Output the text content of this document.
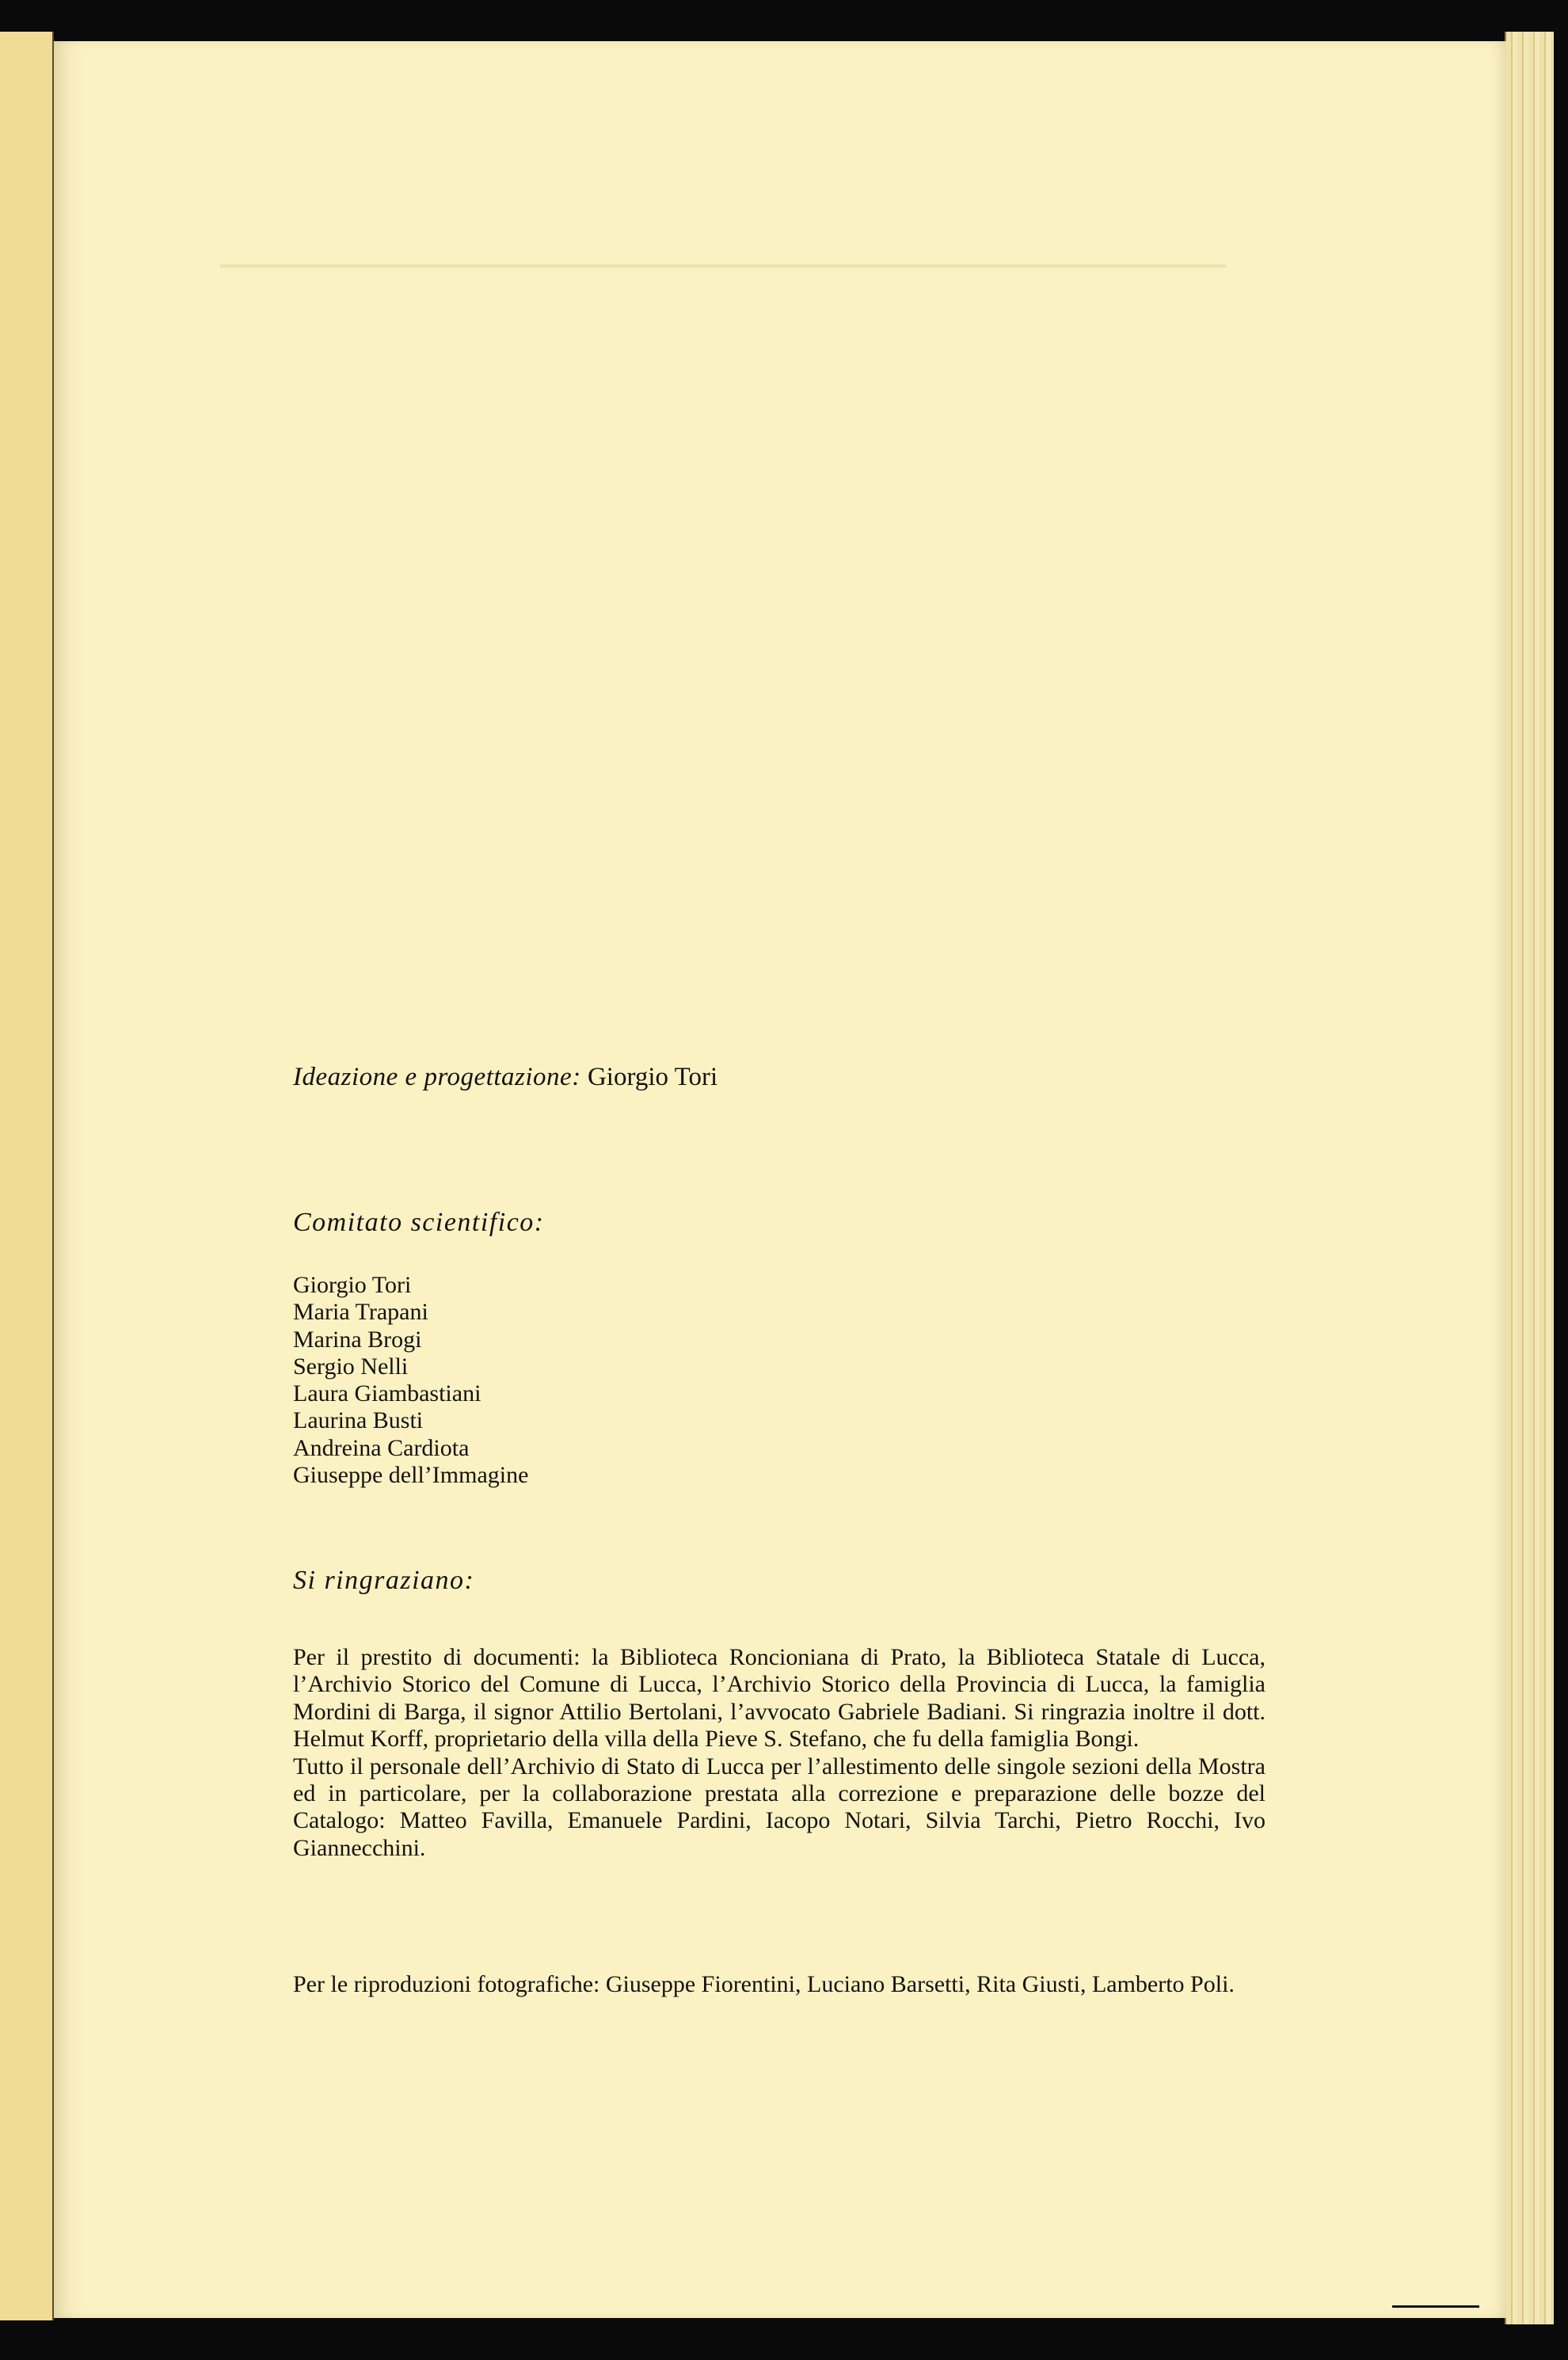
Ideazione e progettazione: Giorgio Tori
Comitato scientifico:
Giorgio Tori
Maria Trapani
Marina Brogi
Sergio Nelli
Laura Giambastiani
Laurina Busti
Andreina Cardiota
Giuseppe dell’Immagine
Si ringraziano:

Per il prestito di documenti: la Biblioteca Roncioniana di Prato, la Biblioteca Statale di Lucca, l’Archivio Storico del Comune di Lucca, l’Archivio Storico della Provincia di Lucca, la famiglia Mordini di Barga, il signor Attilio Bertolani, l’avvocato Gabriele Badiani. Si ringrazia inoltre il dott. Helmut Korff, proprietario della villa della Pieve S. Stefano, che fu della famiglia Bongi.

Tutto il personale dell’Archivio di Stato di Lucca per l’allestimento delle singole sezioni della Mostra ed in particolare, per la collaborazione prestata alla correzione e preparazione delle bozze del Catalogo: Matteo Favilla, Emanuele Pardini, Iacopo Notari, Silvia Tarchi, Pietro Rocchi, Ivo Giannecchini.

Per le riproduzioni fotografiche: Giuseppe Fiorentini, Luciano Barsetti, Rita Giusti, Lamberto Poli.
